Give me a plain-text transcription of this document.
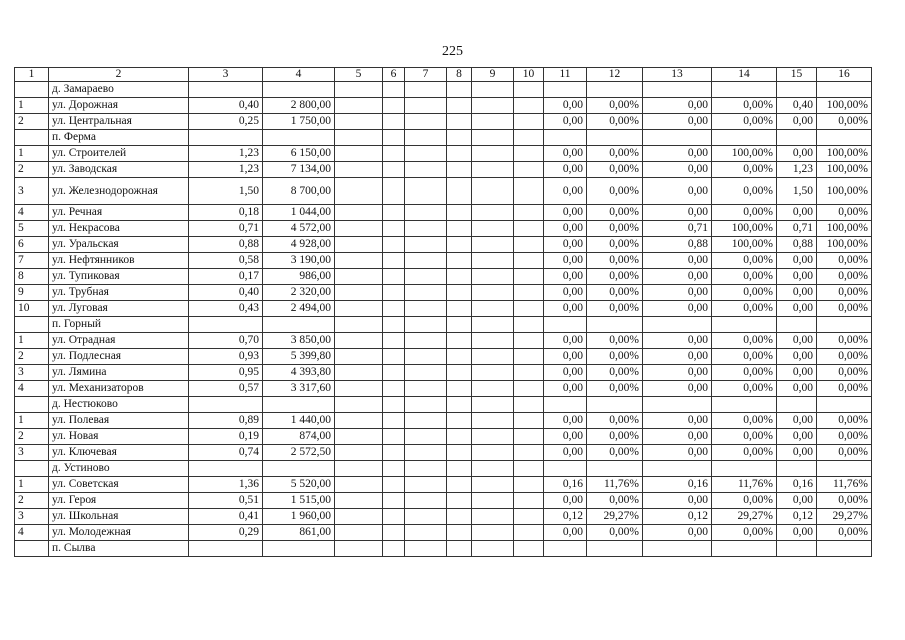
225
1	2	3	4	5	6	7	8	9	10	11	12	13	14	15	16
	д. Замараево														
1	ул. Дорожная	0,40	2 800,00							0,00	0,00%	0,00	0,00%	0,40	100,00%
2	ул. Центральная	0,25	1 750,00							0,00	0,00%	0,00	0,00%	0,00	0,00%
	п. Ферма														
1	ул. Строителей	1,23	6 150,00							0,00	0,00%	0,00	100,00%	0,00	100,00%
2	ул. Заводская	1,23	7 134,00							0,00	0,00%	0,00	0,00%	1,23	100,00%
3	ул. Железнодорожная	1,50	8 700,00							0,00	0,00%	0,00	0,00%	1,50	100,00%
4	ул. Речная	0,18	1 044,00							0,00	0,00%	0,00	0,00%	0,00	0,00%
5	ул. Некрасова	0,71	4 572,00							0,00	0,00%	0,71	100,00%	0,71	100,00%
6	ул. Уральская	0,88	4 928,00							0,00	0,00%	0,88	100,00%	0,88	100,00%
7	ул. Нефтянников	0,58	3 190,00							0,00	0,00%	0,00	0,00%	0,00	0,00%
8	ул. Тупиковая	0,17	986,00							0,00	0,00%	0,00	0,00%	0,00	0,00%
9	ул. Трубная	0,40	2 320,00							0,00	0,00%	0,00	0,00%	0,00	0,00%
10	ул. Луговая	0,43	2 494,00							0,00	0,00%	0,00	0,00%	0,00	0,00%
	п. Горный														
1	ул. Отрадная	0,70	3 850,00							0,00	0,00%	0,00	0,00%	0,00	0,00%
2	ул. Подлесная	0,93	5 399,80							0,00	0,00%	0,00	0,00%	0,00	0,00%
3	ул. Лямина	0,95	4 393,80							0,00	0,00%	0,00	0,00%	0,00	0,00%
4	ул. Механизаторов	0,57	3 317,60							0,00	0,00%	0,00	0,00%	0,00	0,00%
	д. Нестюково														
1	ул. Полевая	0,89	1 440,00							0,00	0,00%	0,00	0,00%	0,00	0,00%
2	ул. Новая	0,19	874,00							0,00	0,00%	0,00	0,00%	0,00	0,00%
3	ул. Ключевая	0,74	2 572,50							0,00	0,00%	0,00	0,00%	0,00	0,00%
	д. Устиново														
1	ул. Советская	1,36	5 520,00							0,16	11,76%	0,16	11,76%	0,16	11,76%
2	ул. Героя	0,51	1 515,00							0,00	0,00%	0,00	0,00%	0,00	0,00%
3	ул. Школьная	0,41	1 960,00							0,12	29,27%	0,12	29,27%	0,12	29,27%
4	ул. Молодежная	0,29	861,00							0,00	0,00%	0,00	0,00%	0,00	0,00%
	п. Сылва														
